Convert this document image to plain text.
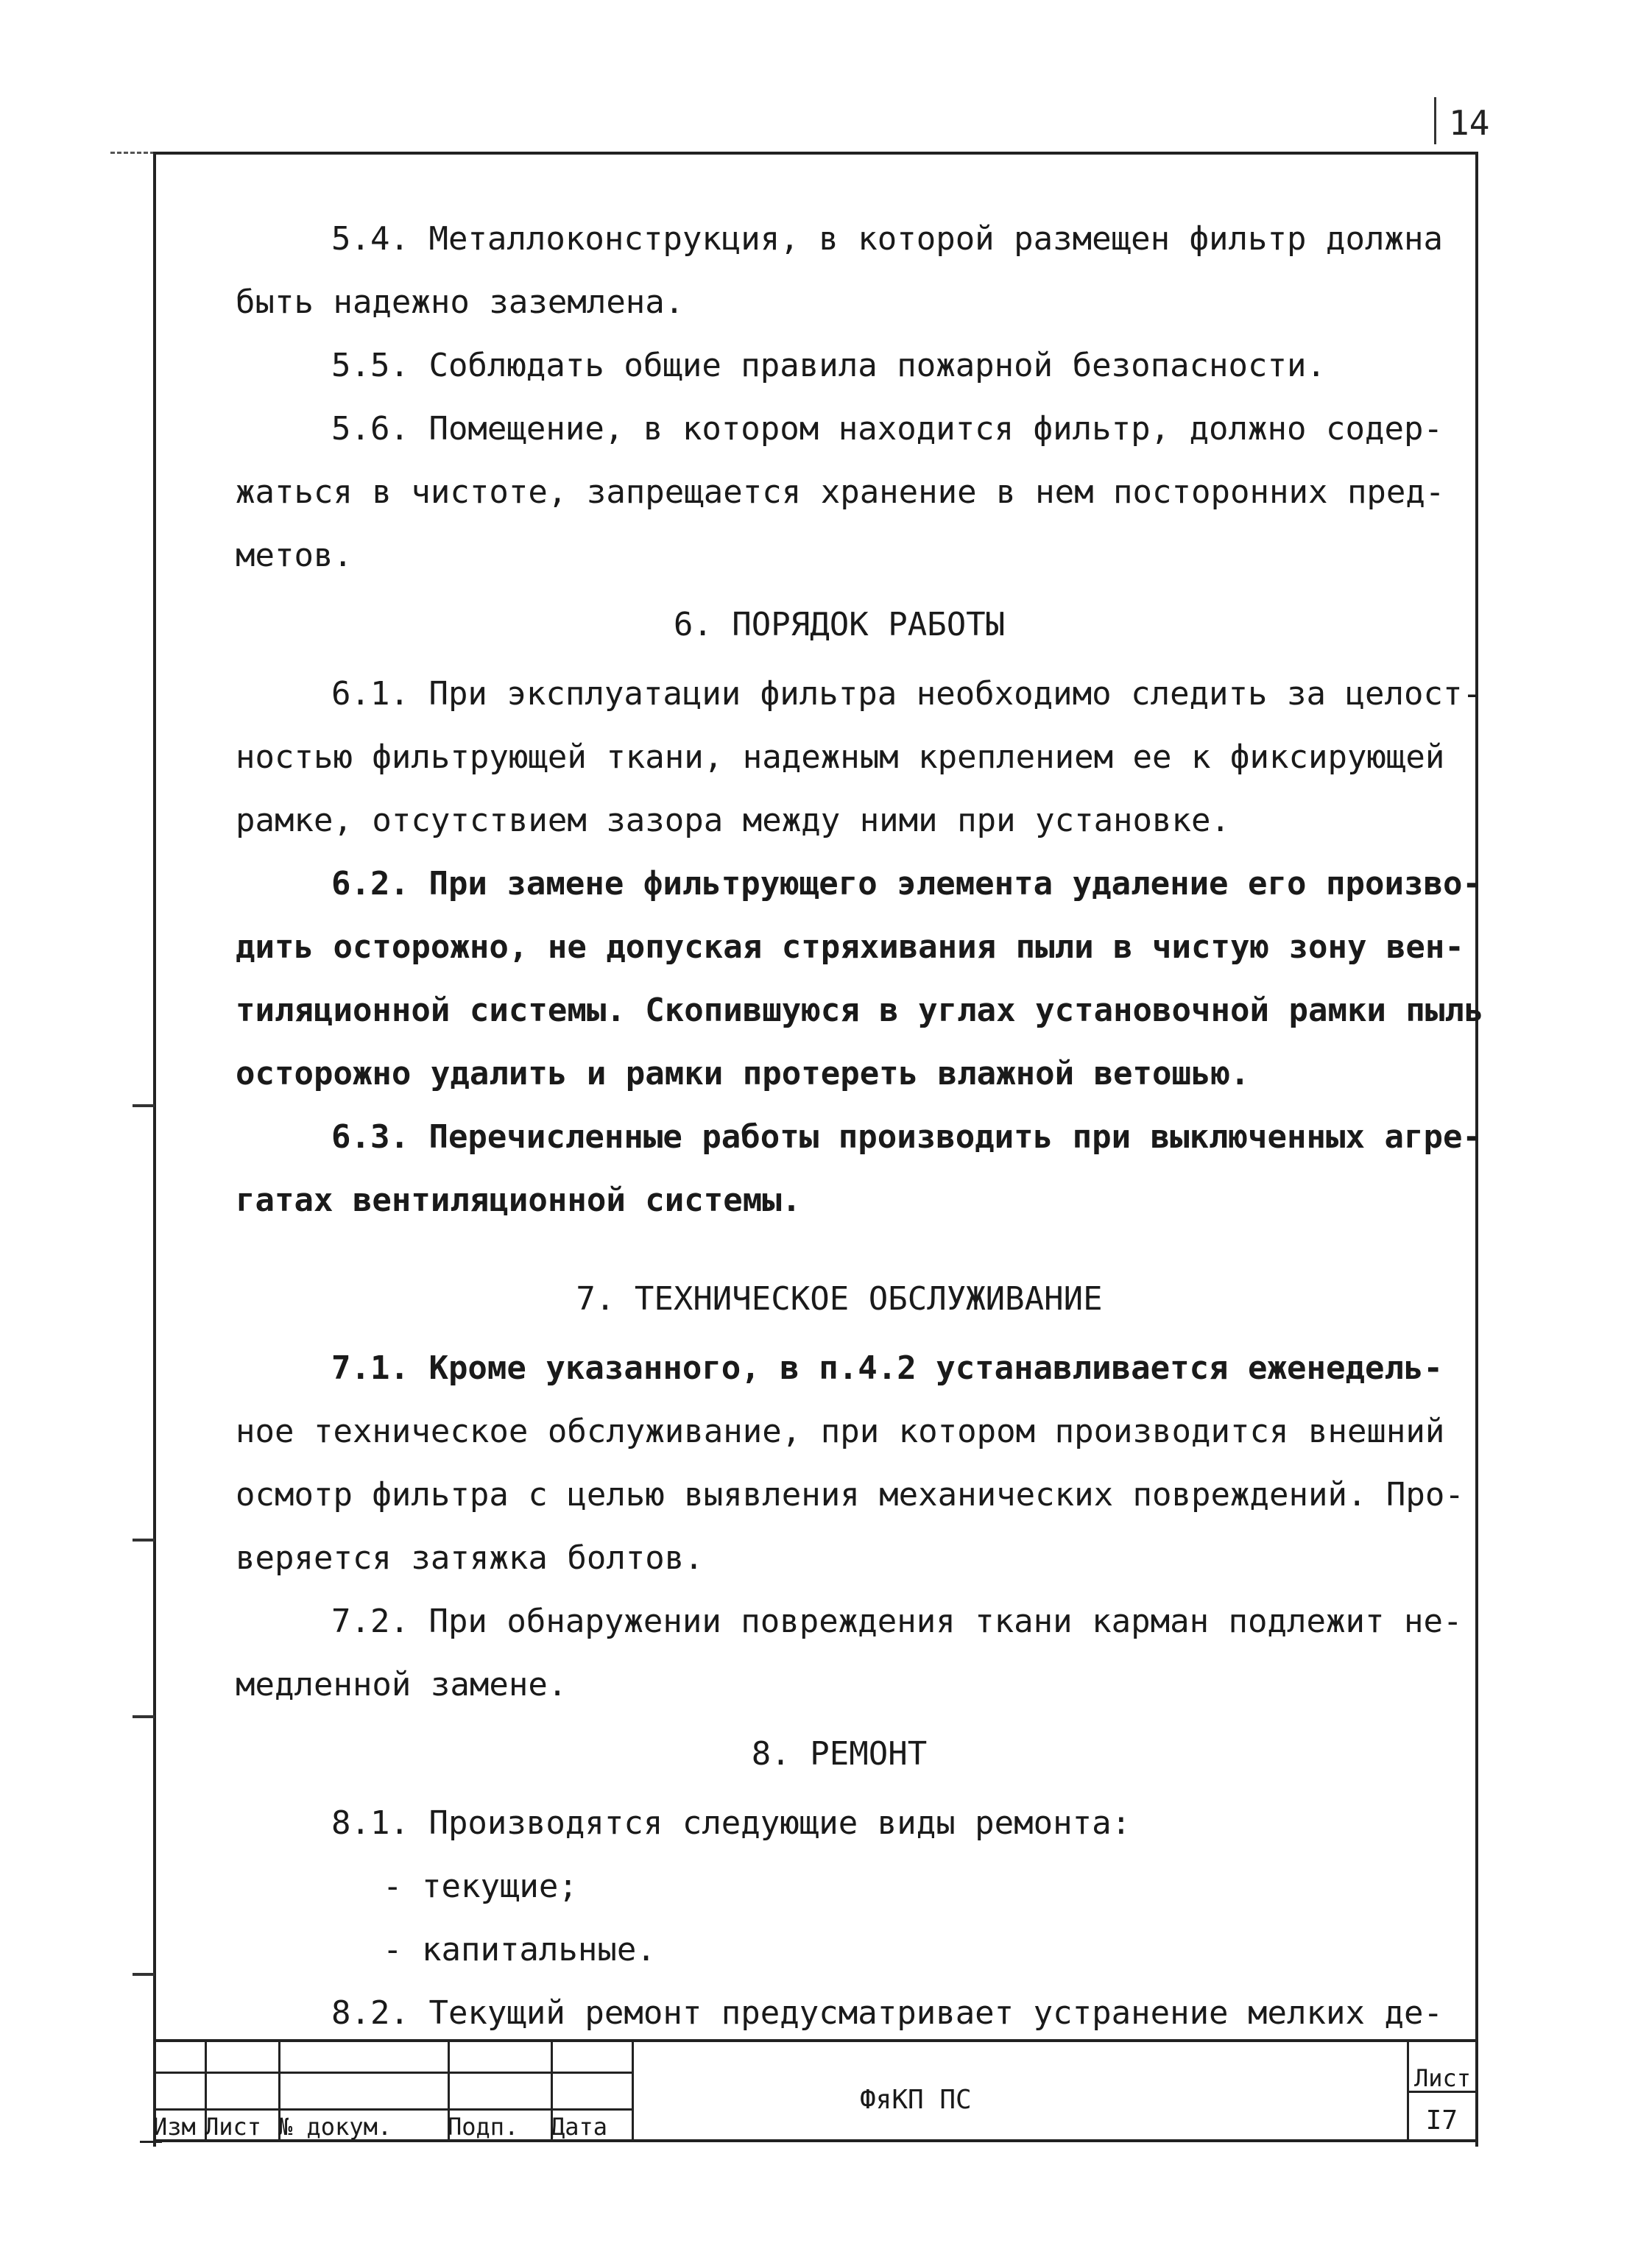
14

5.4. Металлоконструкция, в которой размещен фильтр должна

быть надежно заземлена.

5.5. Соблюдать общие правила пожарной безопасности.

5.6. Помещение, в котором находится фильтр, должно содер-

жаться в чистоте, запрещается хранение в нем посторонних пред-

метов.

6. ПОРЯДОК РАБОТЫ

6.1. При эксплуатации фильтра необходимо следить за целост-

ностью фильтрующей ткани, надежным креплением ее к фиксирующей

рамке, отсутствием зазора между ними при установке.

6.2. При замене фильтрующего элемента удаление его произво-

дить осторожно, не допуская стряхивания пыли в чистую зону вен-

тиляционной системы. Скопившуюся в углах установочной рамки пыль

осторожно удалить и рамки протереть влажной ветошью.

6.3. Перечисленные работы производить при выключенных агре-

гатах вентиляционной системы.

7. ТЕХНИЧЕСКОЕ ОБСЛУЖИВАНИЕ

7.1. Кроме указанного, в п.4.2 устанавливается еженедель-

ное техническое обслуживание, при котором производится внешний

осмотр фильтра с целью выявления механических повреждений. Про-

веряется затяжка болтов.

7.2. При обнаружении повреждения ткани карман подлежит не-

медленной замене.

8. РЕМОНТ

8.1. Производятся следующие виды ремонта:

- текущие;

- капитальные.

8.2. Текущий ремонт предусматривает устранение мелких де-

Изм Лист № докум. Подп. Дата
ФяКП ПС
Лист
I7
